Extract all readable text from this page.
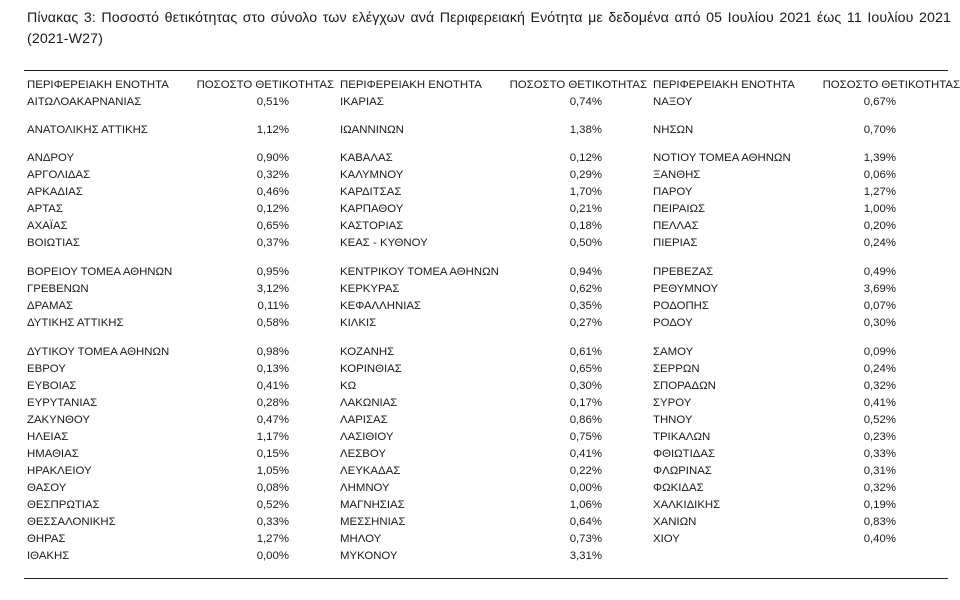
Πίνακας 3: Ποσοστό θετικότητας στο σύνολο των ελέγχων ανά Περιφερειακή Ενότητα με δεδομένα από 05 Ιουλίου 2021 έως 11 Ιουλίου 2021 (2021-W27)
ΠΕΡΙΦΕΡΕΙΑΚΗ ΕΝΟΤΗΤΑ	ΠΟΣΟΣΤΟ ΘΕΤΙΚΟΤΗΤΑΣ
ΑΙΤΩΛΟΑΚΑΡΝΑΝΙΑΣ	0,51%
ΑΝΑΤΟΛΙΚΗΣ ΑΤΤΙΚΗΣ	1,12%
ΑΝΔΡΟΥ	0,90%
ΑΡΓΟΛΙΔΑΣ	0,32%
ΑΡΚΑΔΙΑΣ	0,46%
ΑΡΤΑΣ	0,12%
ΑΧΑΪΑΣ	0,65%
ΒΟΙΩΤΙΑΣ	0,37%
ΒΟΡΕΙΟΥ ΤΟΜΕΑ ΑΘΗΝΩΝ	0,95%
ΓΡΕΒΕΝΩΝ	3,12%
ΔΡΑΜΑΣ	0,11%
ΔΥΤΙΚΗΣ ΑΤΤΙΚΗΣ	0,58%
ΔΥΤΙΚΟΥ ΤΟΜΕΑ ΑΘΗΝΩΝ	0,98%
ΕΒΡΟΥ	0,13%
ΕΥΒΟΙΑΣ	0,41%
ΕΥΡΥΤΑΝΙΑΣ	0,28%
ΖΑΚΥΝΘΟΥ	0,47%
ΗΛΕΙΑΣ	1,17%
ΗΜΑΘΙΑΣ	0,15%
ΗΡΑΚΛΕΙΟΥ	1,05%
ΘΑΣΟΥ	0,08%
ΘΕΣΠΡΩΤΙΑΣ	0,52%
ΘΕΣΣΑΛΟΝΙΚΗΣ	0,33%
ΘΗΡΑΣ	1,27%
ΙΘΑΚΗΣ	0,00%
ΠΕΡΙΦΕΡΕΙΑΚΗ ΕΝΟΤΗΤΑ	ΠΟΣΟΣΤΟ ΘΕΤΙΚΟΤΗΤΑΣ
ΙΚΑΡΙΑΣ	0,74%
ΙΩΑΝΝΙΝΩΝ	1,38%
ΚΑΒΑΛΑΣ	0,12%
ΚΑΛΥΜΝΟΥ	0,29%
ΚΑΡΔΙΤΣΑΣ	1,70%
ΚΑΡΠΑΘΟΥ	0,21%
ΚΑΣΤΟΡΙΑΣ	0,18%
ΚΕΑΣ - ΚΥΘΝΟΥ	0,50%
ΚΕΝΤΡΙΚΟΥ ΤΟΜΕΑ ΑΘΗΝΩΝ	0,94%
ΚΕΡΚΥΡΑΣ	0,62%
ΚΕΦΑΛΛΗΝΙΑΣ	0,35%
ΚΙΛΚΙΣ	0,27%
ΚΟΖΑΝΗΣ	0,61%
ΚΟΡΙΝΘΙΑΣ	0,65%
ΚΩ	0,30%
ΛΑΚΩΝΙΑΣ	0,17%
ΛΑΡΙΣΑΣ	0,86%
ΛΑΣΙΘΙΟΥ	0,75%
ΛΕΣΒΟΥ	0,41%
ΛΕΥΚΑΔΑΣ	0,22%
ΛΗΜΝΟΥ	0,00%
ΜΑΓΝΗΣΙΑΣ	1,06%
ΜΕΣΣΗΝΙΑΣ	0,64%
ΜΗΛΟΥ	0,73%
ΜΥΚΟΝΟΥ	3,31%
ΠΕΡΙΦΕΡΕΙΑΚΗ ΕΝΟΤΗΤΑ	ΠΟΣΟΣΤΟ ΘΕΤΙΚΟΤΗΤΑΣ
ΝΑΞΟΥ	0,67%
ΝΗΣΩΝ	0,70%
ΝΟΤΙΟΥ ΤΟΜΕΑ ΑΘΗΝΩΝ	1,39%
ΞΑΝΘΗΣ	0,06%
ΠΑΡΟΥ	1,27%
ΠΕΙΡΑΙΩΣ	1,00%
ΠΕΛΛΑΣ	0,20%
ΠΙΕΡΙΑΣ	0,24%
ΠΡΕΒΕΖΑΣ	0,49%
ΡΕΘΥΜΝΟΥ	3,69%
ΡΟΔΟΠΗΣ	0,07%
ΡΟΔΟΥ	0,30%
ΣΑΜΟΥ	0,09%
ΣΕΡΡΩΝ	0,24%
ΣΠΟΡΑΔΩΝ	0,32%
ΣΥΡΟΥ	0,41%
ΤΗΝΟΥ	0,52%
ΤΡΙΚΑΛΩΝ	0,23%
ΦΘΙΩΤΙΔΑΣ	0,33%
ΦΛΩΡΙΝΑΣ	0,31%
ΦΩΚΙΔΑΣ	0,32%
ΧΑΛΚΙΔΙΚΗΣ	0,19%
ΧΑΝΙΩΝ	0,83%
ΧΙΟΥ	0,40%
